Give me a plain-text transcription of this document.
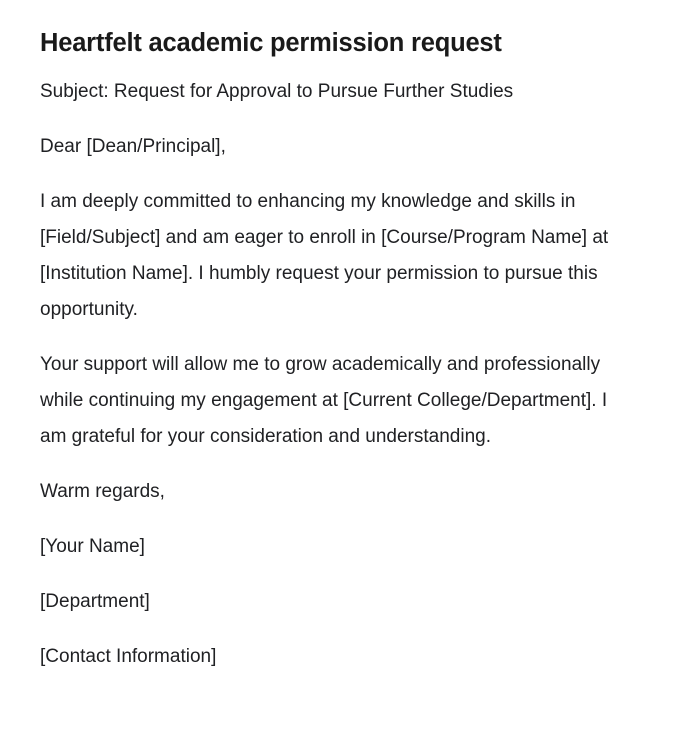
Heartfelt academic permission request

Subject: Request for Approval to Pursue Further Studies

Dear [Dean/Principal],

I am deeply committed to enhancing my knowledge and skills in [Field/Subject] and am eager to enroll in [Course/Program Name] at [Institution Name]. I humbly request your permission to pursue this opportunity.

Your support will allow me to grow academically and professionally while continuing my engagement at [Current College/Department]. I am grateful for your consideration and understanding.

Warm regards,

[Your Name]

[Department]

[Contact Information]
